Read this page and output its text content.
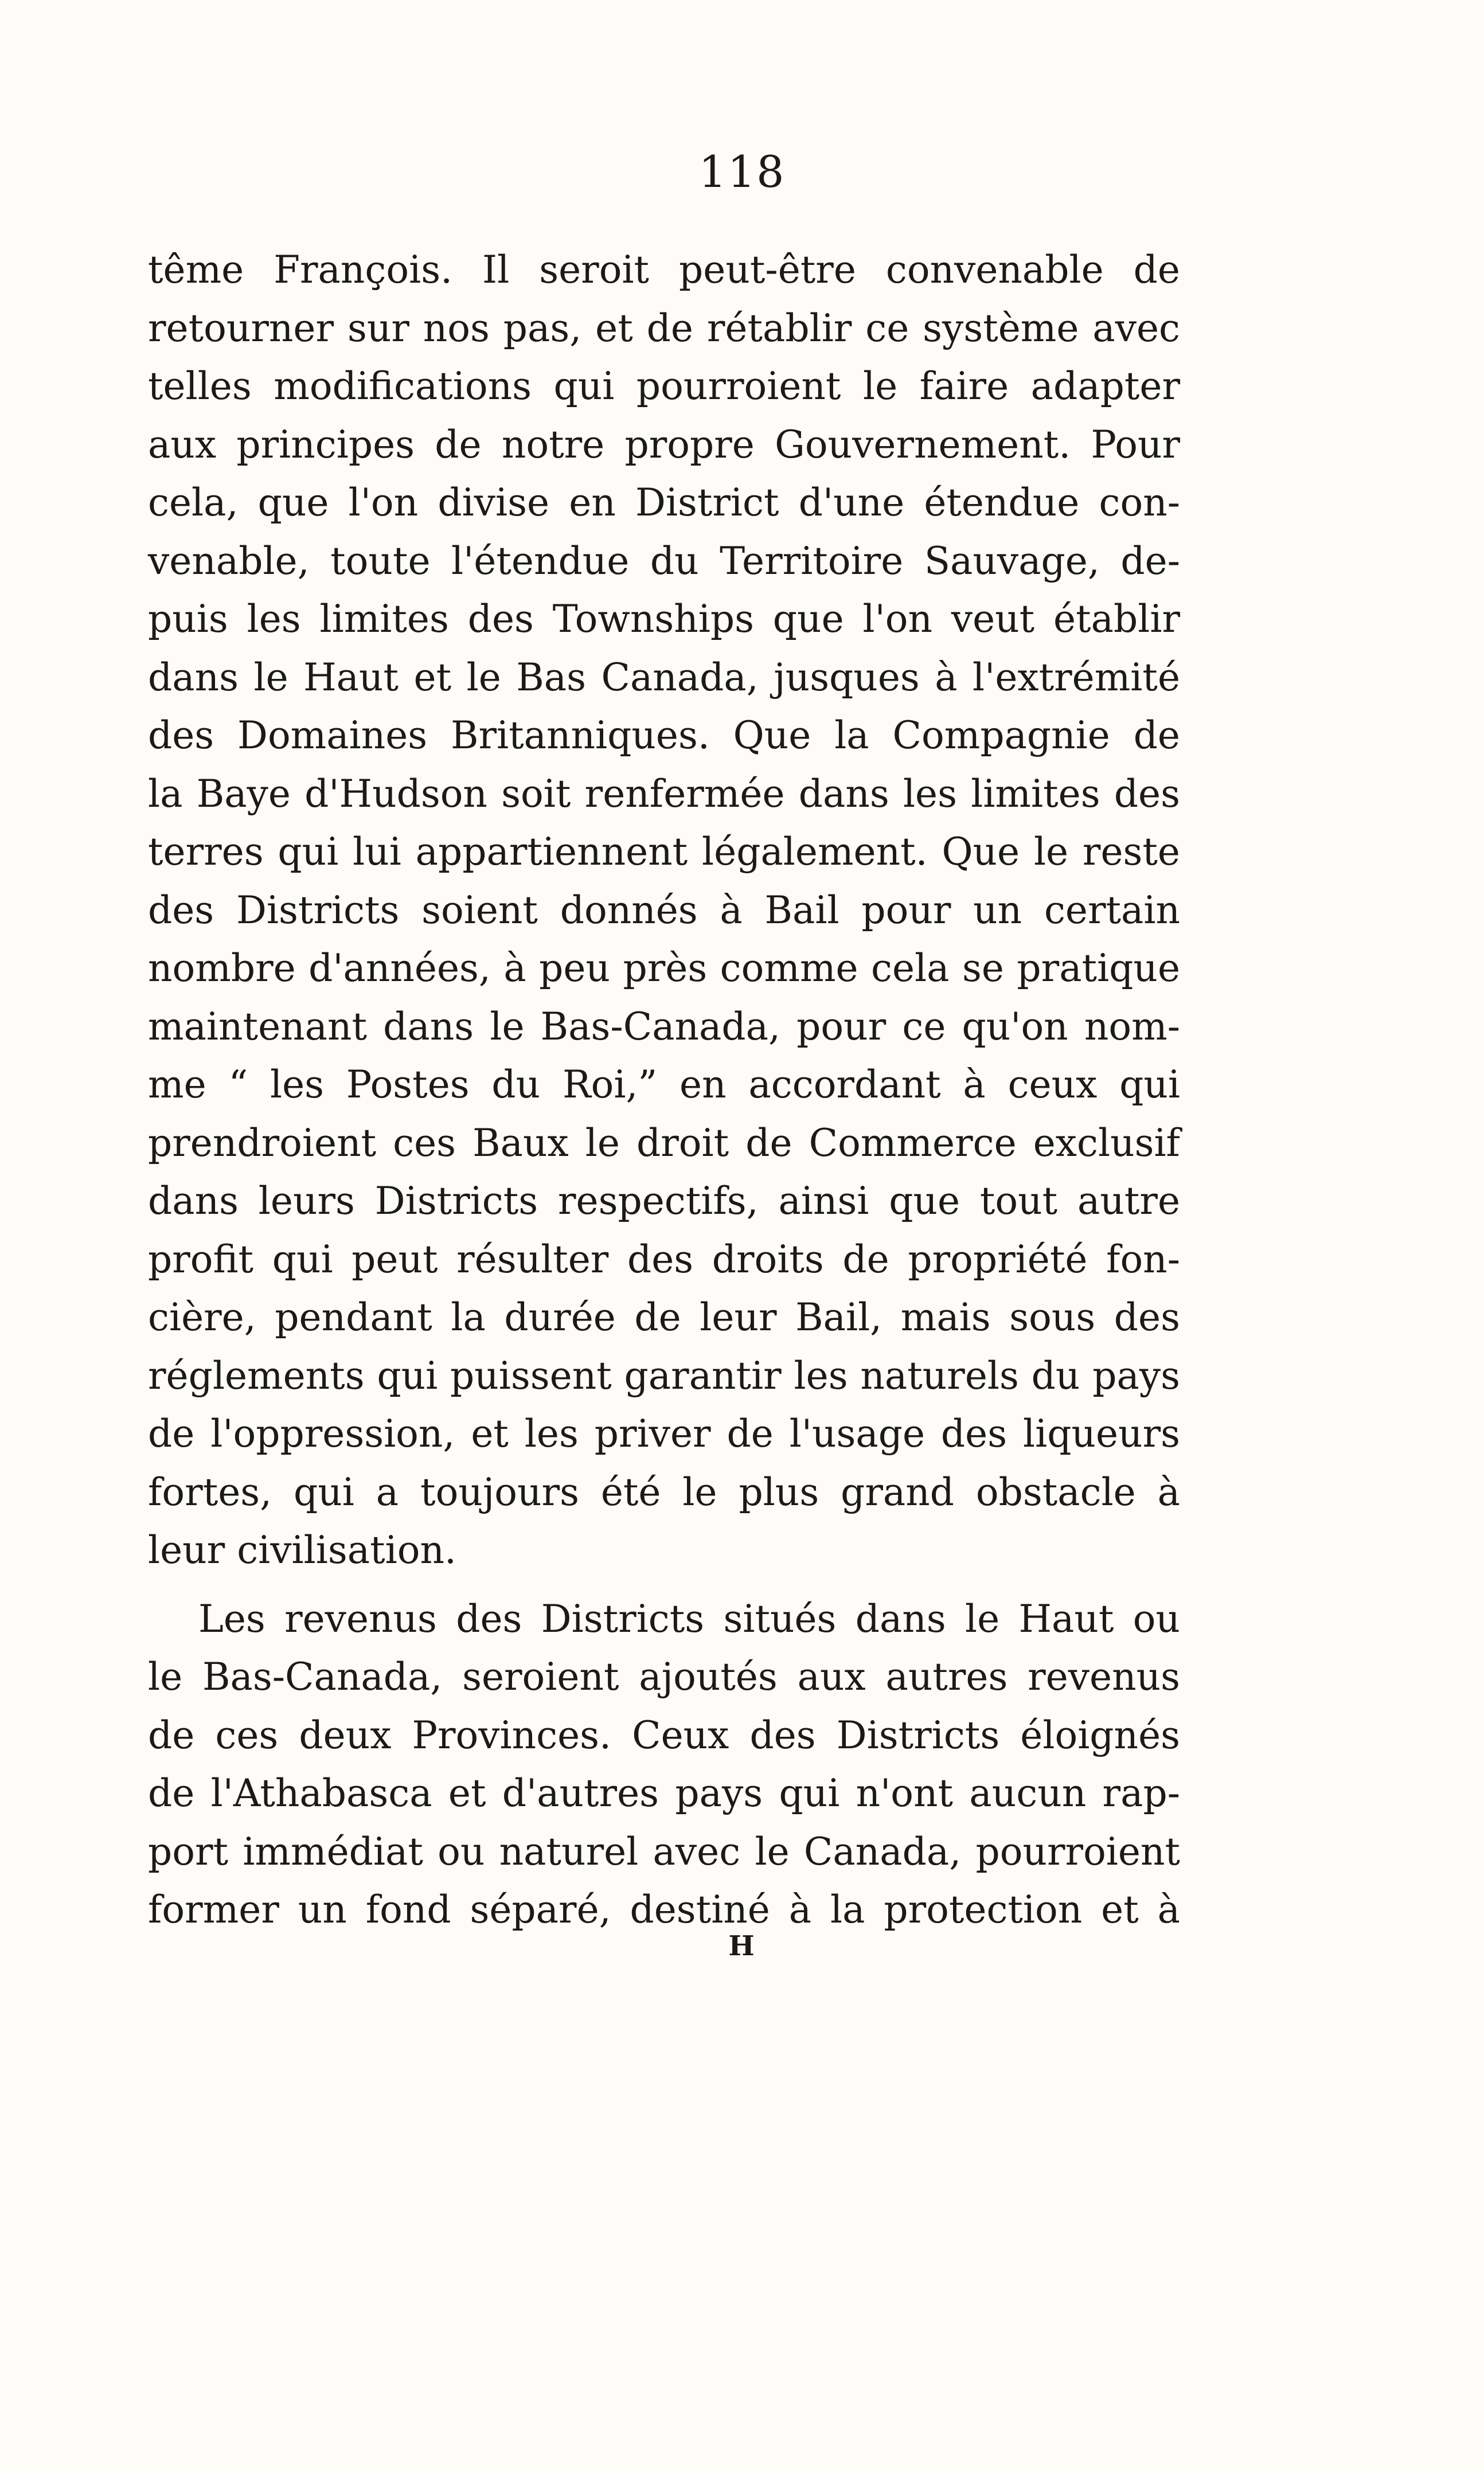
118
tême François. Il seroit peut-être convenable de
retourner sur nos pas, et de rétablir ce système avec
telles modifications qui pourroient le faire adapter
aux principes de notre propre Gouvernement. Pour
cela, que l'on divise en District d'une étendue con-
venable, toute l'étendue du Territoire Sauvage, de-
puis les limites des Townships que l'on veut établir
dans le Haut et le Bas Canada, jusques à l'extrémité
des Domaines Britanniques. Que la Compagnie de
la Baye d'Hudson soit renfermée dans les limites des
terres qui lui appartiennent légalement. Que le reste
des Districts soient donnés à Bail pour un certain
nombre d'années, à peu près comme cela se pratique
maintenant dans le Bas-Canada, pour ce qu'on nom-
me “ les Postes du Roi,” en accordant à ceux qui
prendroient ces Baux le droit de Commerce exclusif
dans leurs Districts respectifs, ainsi que tout autre
profit qui peut résulter des droits de propriété fon-
cière, pendant la durée de leur Bail, mais sous des
réglements qui puissent garantir les naturels du pays
de l'oppression, et les priver de l'usage des liqueurs
fortes, qui a toujours été le plus grand obstacle à
leur civilisation.
Les revenus des Districts situés dans le Haut ou
le Bas-Canada, seroient ajoutés aux autres revenus
de ces deux Provinces. Ceux des Districts éloignés
de l'Athabasca et d'autres pays qui n'ont aucun rap-
port immédiat ou naturel avec le Canada, pourroient
former un fond séparé, destiné à la protection et à
H
